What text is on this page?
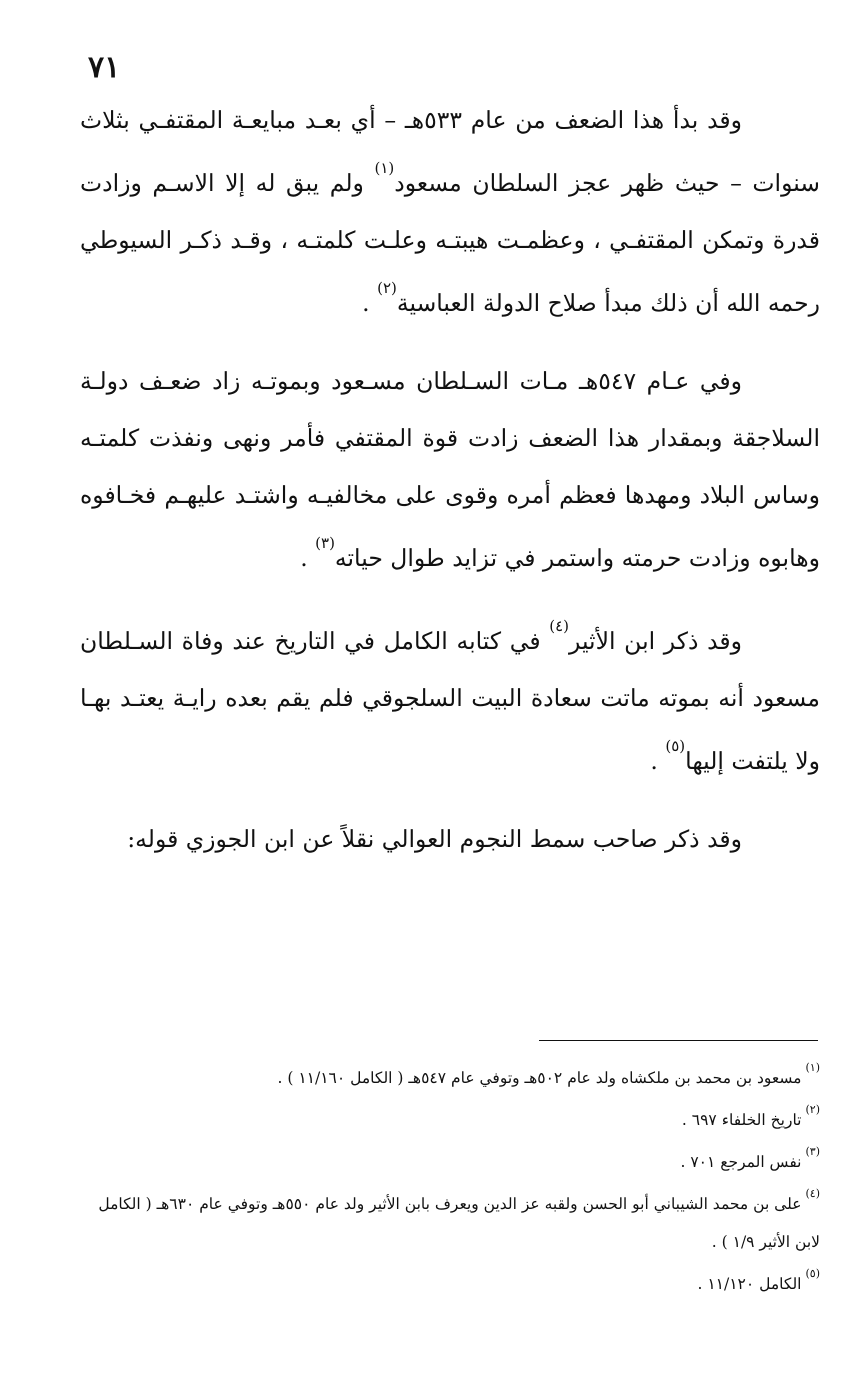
٧١

وقد بدأ هذا الضعف من عام ٥٣٣هـ – أي بعـد مبايعـة المقتفـي بثلاث سنوات – حيث ظهر عجز السلطان مسعود$^{(١)}$ ولم يبق له إلا الاسـم وزادت قدرة وتمكن المقتفـي ، وعظمـت هيبتـه وعلـت كلمتـه ، وقـد ذكـر السيوطي رحمه الله أن ذلك مبدأ صلاح الدولة العباسية$^{(٢)}$ .

وفي عـام ٥٤٧هـ مـات السـلطان مسـعود وبموتـه زاد ضعـف دولـة السلاجقة وبمقدار هذا الضعف زادت قوة المقتفي فأمر ونهى ونفذت كلمتـه وساس البلاد ومهدها فعظم أمره وقوى على مخالفيـه واشتـد عليهـم فخـافوه وهابوه وزادت حرمته واستمر في تزايد طوال حياته$^{(٣)}$ .

وقد ذكر ابن الأثير$^{(٤)}$ في كتابه الكامل في التاريخ عند وفاة السـلطان مسعود أنه بموته ماتت سعادة البيت السلجوقي فلم يقم بعده رايـة يعتـد بهـا ولا يلتفت إليها$^{(٥)}$ .

وقد ذكر صاحب سمط النجوم العوالي نقلاً عن ابن الجوزي قوله:

$^{(١)}$مسعود بن محمد بن ملكشاه ولد عام ٥٠٢هـ وتوفي عام ٥٤٧هـ ( الكامل ١١/١٦٠ ) .

$^{(٢)}$تاريخ الخلفاء ٦٩٧ .

$^{(٣)}$نفس المرجع ٧٠١ .

$^{(٤)}$على بن محمد الشيباني أبو الحسن ولقبه عز الدين ويعرف بابن الأثير ولد عام ٥٥٠هـ وتوفي عام ٦٣٠هـ ( الكامل لابن الأثير ١/٩ ) .

$^{(٥)}$الكامل ١١/١٢٠ .
